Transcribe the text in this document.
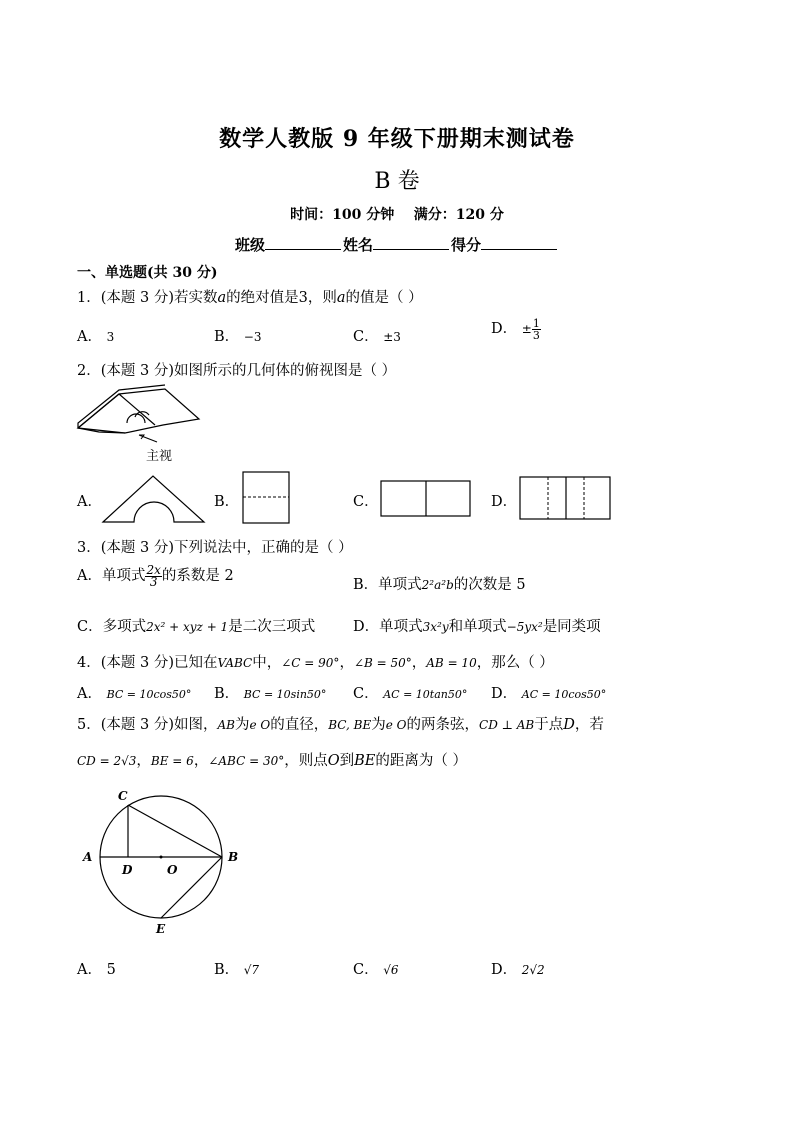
数学人教版 9 年级下册期末测试卷
B 卷
时间：100 分钟    满分：120 分
班级	姓名	得分
一、单选题(共 30 分)
1．(本题 3 分)若实数a的绝对值是3，则a的值是（ ）
A． 3	B． −3	C． ±3	D． ± $\frac{1}{3}$
2．(本题 3 分)如图所示的几何体的俯视图是（ ）
主视
A．	B．	C．	D．
3．(本题 3 分)下列说法中，正确的是（ ）
A．单项式 $\frac{2x}{3}$ 的系数是 2
B．单项式2²a²b的次数是 5
C．多项式2x² + xyz + 1是二次三项式	D．单项式3x²y和单项式−5yx²是同类项
4．(本题 3 分)已知在VABC中，∠C = 90°，∠B = 50°，AB = 10，那么（ ）
A． BC = 10cos50° B． BC = 10sin50° C． AC = 10tan50° D． AC = 10cos50°
5．(本题 3 分)如图，AB为e O的直径，BC, BE为e O的两条弦，CD ⊥ AB于点D，若
CD = 2√3，BE = 6，∠ABC = 30°，则点O到BE的距离为（ ）
C
A	B
D	O
E
A． 5	B． √7	C． √6	D． 2√2
